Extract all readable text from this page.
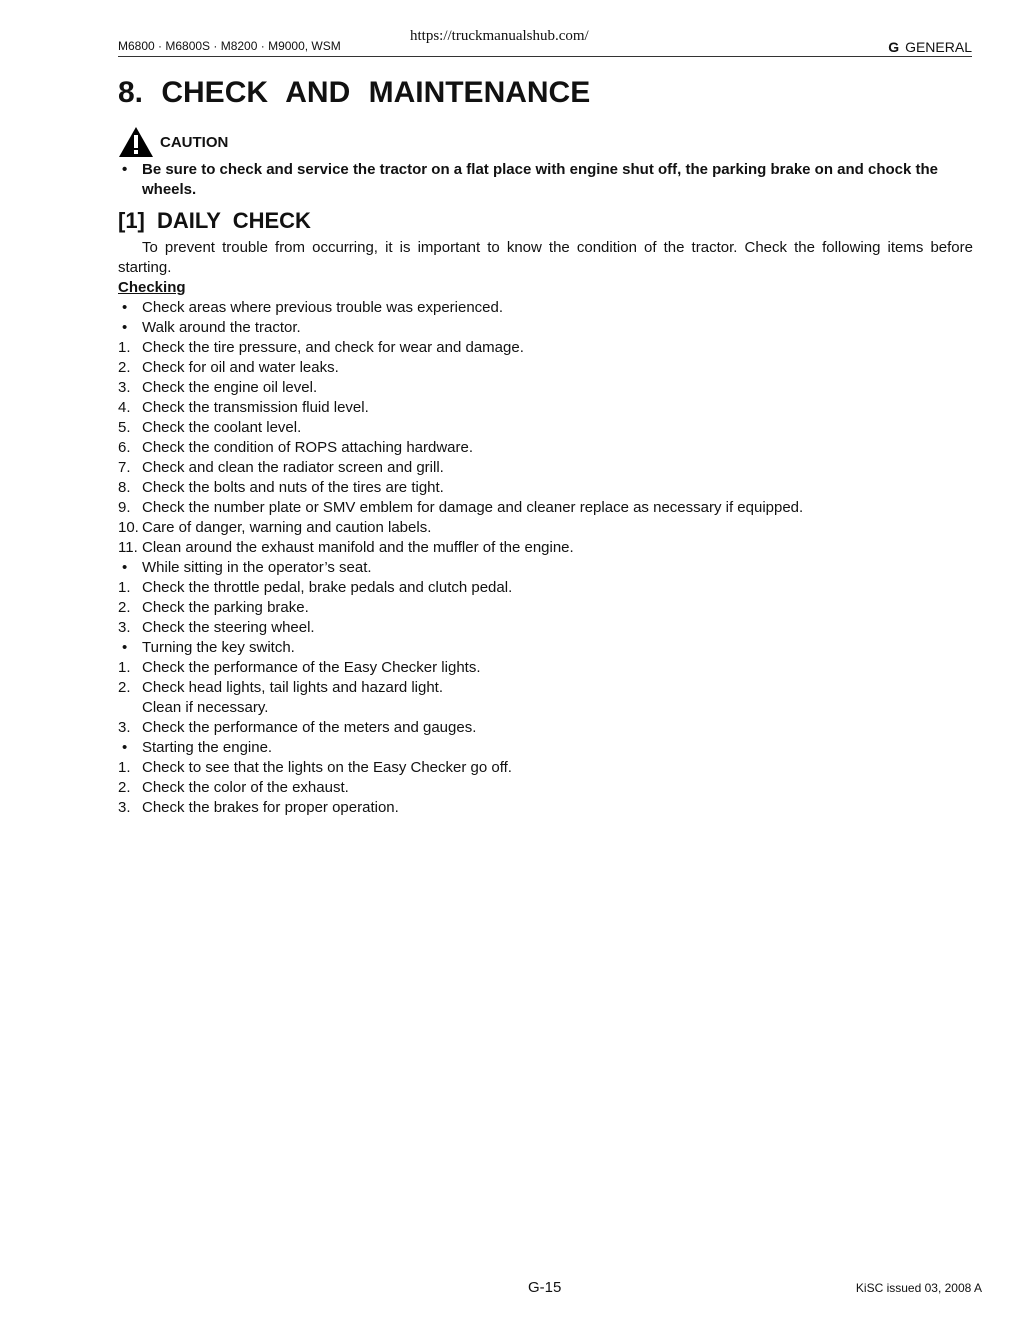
M6800 · M6800S · M8200 · M9000, WSM
https://truckmanualshub.com/
G GENERAL
8. CHECK AND MAINTENANCE
CAUTION
• Be sure to check and service the tractor on a flat place with engine shut off, the parking brake on and chock the wheels.
[1] DAILY CHECK
To prevent trouble from occurring, it is important to know the condition of the tractor. Check the following items before starting.
Checking
• Check areas where previous trouble was experienced.
• Walk around the tractor.
1. Check the tire pressure, and check for wear and damage.
2. Check for oil and water leaks.
3. Check the engine oil level.
4. Check the transmission fluid level.
5. Check the coolant level.
6. Check the condition of ROPS attaching hardware.
7. Check and clean the radiator screen and grill.
8. Check the bolts and nuts of the tires are tight.
9. Check the number plate or SMV emblem for damage and cleaner replace as necessary if equipped.
10. Care of danger, warning and caution labels.
11. Clean around the exhaust manifold and the muffler of the engine.
• While sitting in the operator’s seat.
1. Check the throttle pedal, brake pedals and clutch pedal.
2. Check the parking brake.
3. Check the steering wheel.
• Turning the key switch.
1. Check the performance of the Easy Checker lights.
2. Check head lights, tail lights and hazard light.
Clean if necessary.
3. Check the performance of the meters and gauges.
• Starting the engine.
1. Check to see that the lights on the Easy Checker go off.
2. Check the color of the exhaust.
3. Check the brakes for proper operation.
G-15	KiSC issued 03, 2008 A
